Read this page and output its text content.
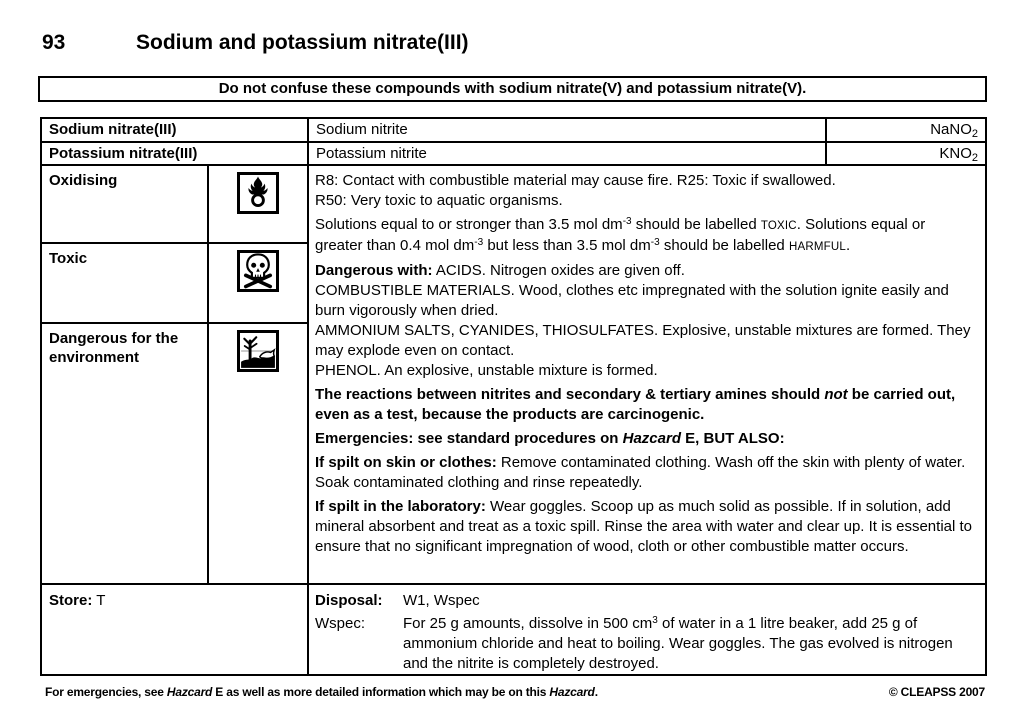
93	Sodium and potassium nitrate(III)
Do not confuse these compounds with sodium nitrate(V) and potassium nitrate(V).
Sodium nitrate(III)	Sodium nitrite	NaNO$_2$
Potassium nitrate(III)	Potassium nitrite	$KNO_2$
Oxidising
Toxic
Dangerous for the environment

R8: Contact with combustible material may cause fire. R25: Toxic if swallowed.
R50: Very toxic to aquatic organisms.

Solutions equal to or stronger than 3.5 mol $dm^{-3}$ should be labelled TOXIC. Solutions equal or greater than 0.4 mol $dm^{-3}$ but less than 3.5 mol $dm^{-3}$ should be labelled HARMFUL.

Dangerous with: ACIDS. Nitrogen oxides are given off.
COMBUSTIBLE MATERIALS. Wood, clothes etc impregnated with the solution ignite easily and burn vigorously when dried.
AMMONIUM SALTS, CYANIDES, THIOSULFATES. Explosive, unstable mixtures are formed. They may explode even on contact.
PHENOL. An explosive, unstable mixture is formed.

The reactions between nitrites and secondary & tertiary amines should not be carried out, even as a test, because the products are carcinogenic.

Emergencies: see standard procedures on Hazcard E, BUT ALSO:

If spilt on skin or clothes: Remove contaminated clothing. Wash off the skin with plenty of water. Soak contaminated clothing and rinse repeatedly.

If spilt in the laboratory: Wear goggles. Scoop up as much solid as possible. If in solution, add mineral absorbent and treat as a toxic spill. Rinse the area with water and clear up. It is essential to ensure that no significant impregnation of wood, cloth or other combustible matter occurs.

Store: T	Disposal:	W1, Wspec
Wspec:	For 25 g amounts, dissolve in 500 $cm^3$ of water in a 1 litre beaker, add 25 g of ammonium chloride and heat to boiling. Wear goggles. The gas evolved is nitrogen and the nitrite is completely destroyed.
For emergencies, see Hazcard E as well as more detailed information which may be on this Hazcard.	© CLEAPSS 2007
